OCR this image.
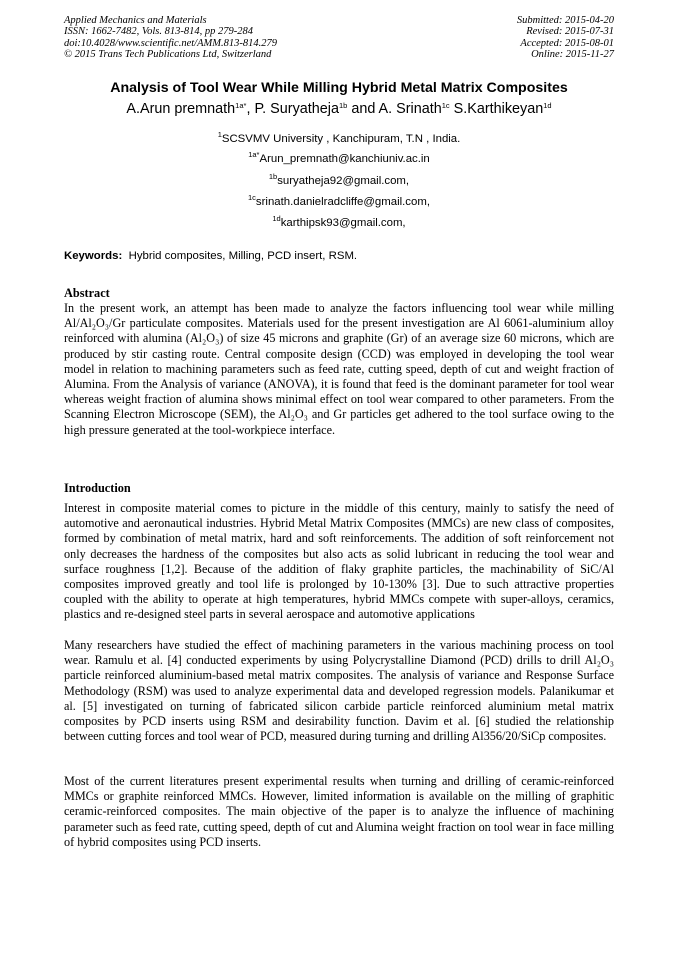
Applied Mechanics and Materials
ISSN: 1662-7482, Vols. 813-814, pp 279-284
doi:10.4028/www.scientific.net/AMM.813-814.279
© 2015 Trans Tech Publications Ltd, Switzerland
Submitted: 2015-04-20
Revised: 2015-07-31
Accepted: 2015-08-01
Online: 2015-11-27
Analysis of Tool Wear While Milling Hybrid Metal Matrix Composites
A.Arun premnath$^{1a*}$, P. Suryatheja$^{1b}$ and A. Srinath$^{1c}$ S.Karthikeyan$^{1d}$
$^1$SCSVMV University , Kanchipuram, T.N , India.
$^{1a*}$Arun_premnath@kanchiuniv.ac.in
$^{1b}$suryatheja92@gmail.com,
$^{1c}$srinath.danielradcliffe@gmail.com,
$^{1d}$karthipsk93@gmail.com,
Keywords: Hybrid composites, Milling, PCD insert, RSM.
Abstract

In the present work, an attempt has been made to analyze the factors influencing tool wear while milling Al/Al₂O₃/Gr particulate composites. Materials used for the present investigation are Al 6061-aluminium alloy reinforced with alumina (Al₂O₃) of size 45 microns and graphite (Gr) of an average size 60 microns, which are produced by stir casting route. Central composite design (CCD) was employed in developing the tool wear model in relation to machining parameters such as feed rate, cutting speed, depth of cut and weight fraction of Alumina. From the Analysis of variance (ANOVA), it is found that feed is the dominant parameter for tool wear whereas weight fraction of alumina shows minimal effect on tool wear compared to other parameters. From the Scanning Electron Microscope (SEM), the Al₂O₃ and Gr particles get adhered to the tool surface owing to the high pressure generated at the tool-workpiece interface.

Introduction

Interest in composite material comes to picture in the middle of this century, mainly to satisfy the need of automotive and aeronautical industries. Hybrid Metal Matrix Composites (MMCs) are new class of composites, formed by combination of metal matrix, hard and soft reinforcements. The addition of soft reinforcement not only decreases the hardness of the composites but also acts as solid lubricant in reducing the tool wear and surface roughness [1,2]. Because of the addition of flaky graphite particles, the machinability of SiC/Al composites improved greatly and tool life is prolonged by 10-130% [3]. Due to such attractive properties coupled with the ability to operate at high temperatures, hybrid MMCs compete with super-alloys, ceramics, plastics and re-designed steel parts in several aerospace and automotive applications

Many researchers have studied the effect of machining parameters in the various machining process on tool wear. Ramulu et al. [4] conducted experiments by using Polycrystalline Diamond (PCD) drills to drill Al₂O₃ particle reinforced aluminium-based metal matrix composites. The analysis of variance and Response Surface Methodology (RSM) was used to analyze experimental data and developed regression models. Palanikumar et al. [5] investigated on turning of fabricated silicon carbide particle reinforced aluminium metal matrix composites by PCD inserts using RSM and desirability function. Davim et al. [6] studied the relationship between cutting forces and tool wear of PCD, measured during turning and drilling Al356/20/SiCp composites.

Most of the current literatures present experimental results when turning and drilling of ceramic-reinforced MMCs or graphite reinforced MMCs. However, limited information is available on the milling of graphitic ceramic-reinforced composites. The main objective of the paper is to analyze the influence of machining parameter such as feed rate, cutting speed, depth of cut and Alumina weight fraction on tool wear in face milling of hybrid composites using PCD inserts.
